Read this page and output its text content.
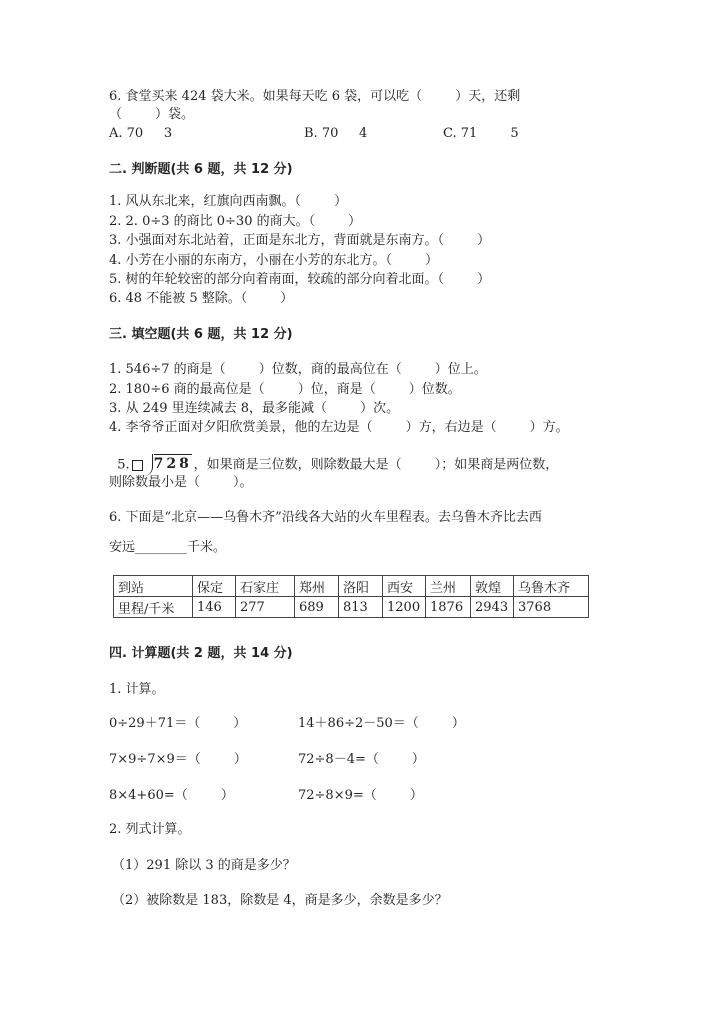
6. 食堂买来 424 袋大米。如果每天吃 6 袋，可以吃（        ）天，还剩
（        ）袋。
A. 70     3	B. 70     4	C. 71        5
二. 判断题(共 6 题，共 12 分)
1. 风从东北来，红旗向西南飘。（        ）
2. 2. 0÷3 的商比 0÷30 的商大。（        ）
3. 小强面对东北站着，正面是东北方，背面就是东南方。（        ）
4. 小芳在小丽的东南方，小丽在小芳的东北方。（        ）
5. 树的年轮较密的部分向着南面，较疏的部分向着北面。（        ）
6. 48 不能被 5 整除。（        ）
三. 填空题(共 6 题，共 12 分)
1. 546÷7 的商是（        ）位数，商的最高位在（        ）位上。
2. 180÷6 商的最高位是（        ）位，商是（        ）位数。
3. 从 249 里连续减去 8，最多能减（        ）次。
4. 李爷爷正面对夕阳欣赏美景，他的左边是（        ）方，右边是（        ）方。

5. 728 ，如果商是三位数，则除数最大是（        ）；如果商是两位数，

则除数最小是（        ）。
6. 下面是“北京——乌鲁木齐”沿线各大站的火车里程表。去乌鲁木齐比去西
安远________千米。
到站	保定	石家庄	郑州	洛阳	西安	兰州	敦煌	乌鲁木齐
里程/千米	146	277	689	813	1200	1876	2943	3768
四. 计算题(共 2 题，共 14 分)
1. 计算。
0÷29＋71＝（        ）	14＋86÷2－50＝（        ）
7×9÷7×9＝（        ）	72÷8－4=（        ）
8×4+60=（        ）	72÷8×9=（        ）
2. 列式计算。
（1）291 除以 3 的商是多少？
（2）被除数是 183，除数是 4，商是多少，余数是多少？
